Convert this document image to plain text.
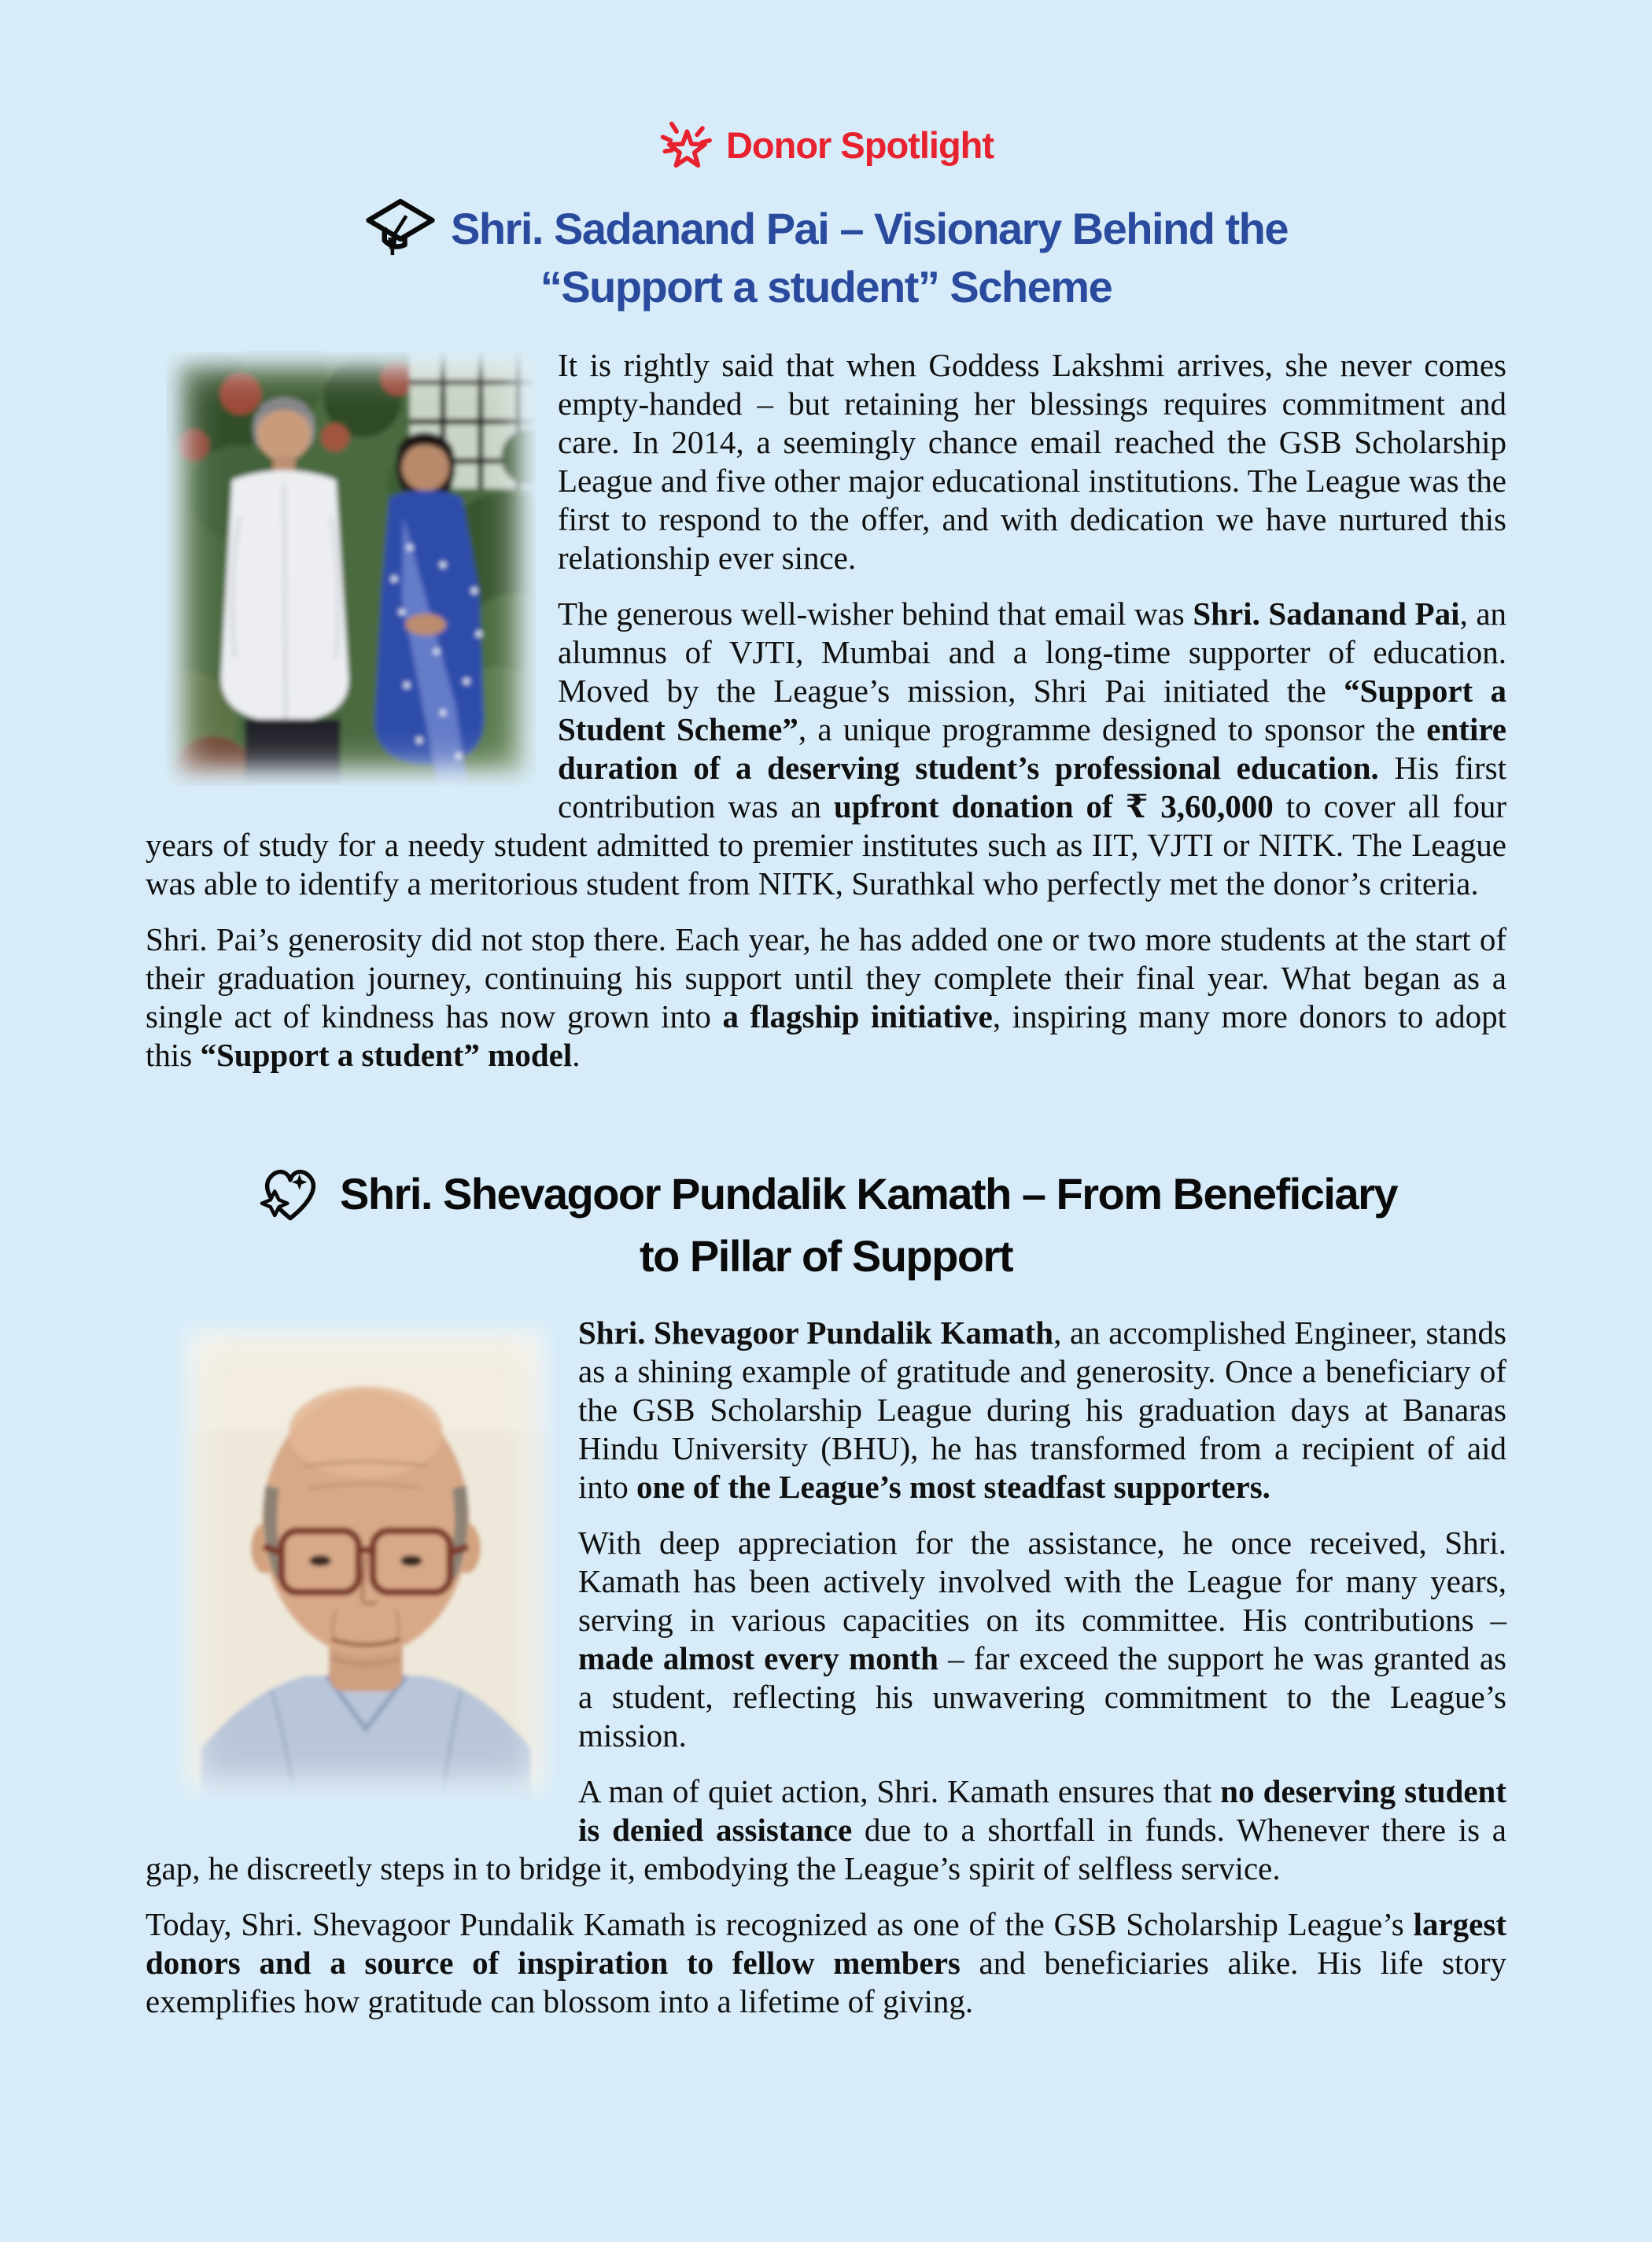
Donor Spotlight
Shri. Sadanand Pai – Visionary Behind the
“Support a student” Scheme

It is rightly said that when Goddess Lakshmi arrives, she never comes empty-handed – but retaining her blessings requires commitment and care. In 2014, a seemingly chance email reached the GSB Scholarship League and five other major educational institutions. The League was the first to respond to the offer, and with dedication we have nurtured this relationship ever since.

The generous well-wisher behind that email was Shri. Sadanand Pai, an alumnus of VJTI, Mumbai and a long-time supporter of education. Moved by the League’s mission, Shri Pai initiated the “Support a Student Scheme”, a unique programme designed to sponsor the entire duration of a deserving student’s professional education. His first contribution was an upfront donation of ₹ 3,60,000 to cover all four years of study for a needy student admitted to premier institutes such as IIT, VJTI or NITK. The League was able to identify a meritorious student from NITK, Surathkal who perfectly met the donor’s criteria.

Shri. Pai’s generosity did not stop there. Each year, he has added one or two more students at the start of their graduation journey, continuing his support until they complete their final year. What began as a single act of kindness has now grown into a flagship initiative, inspiring many more donors to adopt this “Support a student” model.

Shri. Shevagoor Pundalik Kamath – From Beneficiary
to Pillar of Support

Shri. Shevagoor Pundalik Kamath, an accomplished Engineer, stands as a shining example of gratitude and generosity. Once a beneficiary of the GSB Scholarship League during his graduation days at Banaras Hindu University (BHU), he has transformed from a recipient of aid into one of the League’s most steadfast supporters.

With deep appreciation for the assistance, he once received, Shri. Kamath has been actively involved with the League for many years, serving in various capacities on its committee. His contributions – made almost every month – far exceed the support he was granted as a student, reflecting his unwavering commitment to the League’s mission.

A man of quiet action, Shri. Kamath ensures that no deserving student is denied assistance due to a shortfall in funds. Whenever there is a gap, he discreetly steps in to bridge it, embodying the League’s spirit of selfless service.

Today, Shri. Shevagoor Pundalik Kamath is recognized as one of the GSB Scholarship League’s largest donors and a source of inspiration to fellow members and beneficiaries alike. His life story exemplifies how gratitude can blossom into a lifetime of giving.
